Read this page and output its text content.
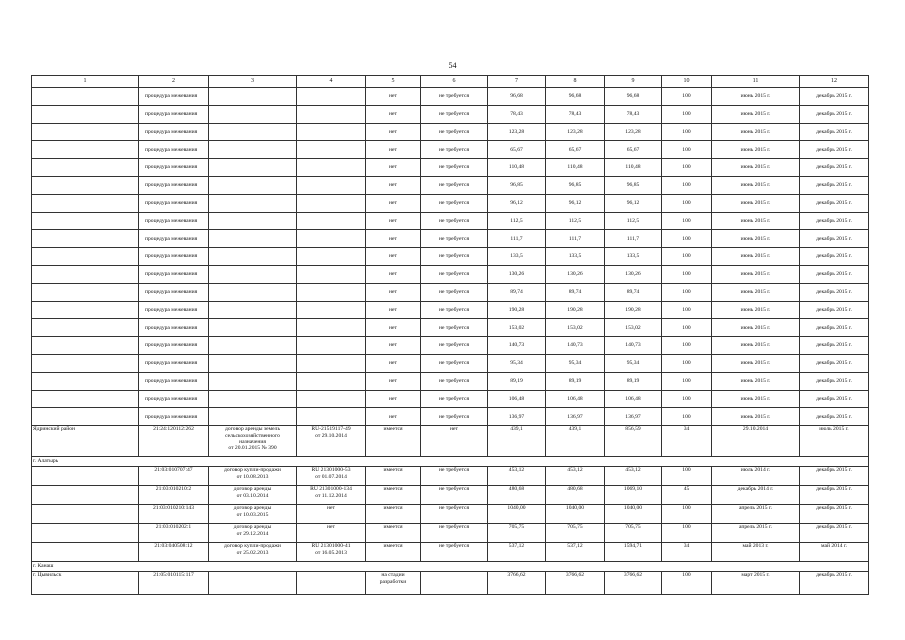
54
1	2	3	4	5	6	7	8	9	10	11	12
	процедура межевания			нет	не требуется	96,68	96,68	96,68	100	июнь 2015 г.	декабрь 2015 г.
	процедура межевания			нет	не требуется	78,43	78,43	78,43	100	июнь 2015 г.	декабрь 2015 г.
	процедура межевания			нет	не требуется	123,28	123,28	123,28	100	июнь 2015 г.	декабрь 2015 г.
	процедура межевания			нет	не требуется	65,67	65,67	65,67	100	июнь 2015 г.	декабрь 2015 г.
	процедура межевания			нет	не требуется	110,48	110,48	110,48	100	июнь 2015 г.	декабрь 2015 г.
	процедура межевания			нет	не требуется	96,85	96,85	96,85	100	июнь 2015 г.	декабрь 2015 г.
	процедура межевания			нет	не требуется	96,12	96,12	96,12	100	июнь 2015 г.	декабрь 2015 г.
	процедура межевания			нет	не требуется	112,5	112,5	112,5	100	июнь 2015 г.	декабрь 2015 г.
	процедура межевания			нет	не требуется	111,7	111,7	111,7	100	июнь 2015 г.	декабрь 2015 г.
	процедура межевания			нет	не требуется	133,5	133,5	133,5	100	июнь 2015 г.	декабрь 2015 г.
	процедура межевания			нет	не требуется	130,26	130,26	130,26	100	июнь 2015 г.	декабрь 2015 г.
	процедура межевания			нет	не требуется	89,74	89,74	89,74	100	июнь 2015 г.	декабрь 2015 г.
	процедура межевания			нет	не требуется	190,28	190,28	190,28	100	июнь 2015 г.	декабрь 2015 г.
	процедура межевания			нет	не требуется	153,02	153,02	153,02	100	июнь 2015 г.	декабрь 2015 г.
	процедура межевания			нет	не требуется	140,73	140,73	140,73	100	июнь 2015 г.	декабрь 2015 г.
	процедура межевания			нет	не требуется	95,34	95,34	95,34	100	июнь 2015 г.	декабрь 2015 г.
	процедура межевания			нет	не требуется	89,19	89,19	89,19	100	июнь 2015 г.	декабрь 2015 г.
	процедура межевания			нет	не требуется	106,48	106,48	106,48	100	июнь 2015 г.	декабрь 2015 г.
	процедура межевания			нет	не требуется	136,97	136,97	136,97	100	июнь 2015 г.	декабрь 2015 г.
Ядринский район	21:24:120112:262	договор аренды земель
сельскохозяйственного
назначения
от 20.01.2015 № 390	RU-21519117-49
от 29.10.2014	имеется	нет	439,1	439,1	856,59	34	29.10.2014	июль 2015 г.
г. Алатырь											
	21:03:010707:47	договор купли-продажи
от 10.08.2013	RU 21301000-53
от 01.07.2014	имеется	не требуется	453,12	453,12	453,12	100	июль 2014 г.	декабрь 2015 г.
	21:03:010210:2	договор аренды
от 03.10.2014	RU 21301000-134
от 11.12.2014	имеется	не требуется	480,68	480,68	1069,10	45	декабрь 2014 г.	декабрь 2015 г.
	21:03:010210:143	договор аренды
от 10.03.2015	нет	имеется	не требуется	1040,00	1040,00	1040,00	100	апрель 2015 г.	декабрь 2015 г.
	21:03:010202:1	договор аренды
от 29.12.2014	нет	имеется	не требуется	705,75	705,75	705,75	100	апрель 2015 г.	декабрь 2015 г.
	21:03:040508:12	договор купли-продажи
от 25.02.2013	RU 21301000-41
от 16.05.2013	имеется	не требуется	537,12	537,12	1594,71	34	май 2013 г.	май 2014 г.
г. Канаш											
г. Цывильск	21:05:010115:117			на стадии
разработки		3766,62	3766,62	3766,62	100	март 2015 г.	декабрь 2015 г.
